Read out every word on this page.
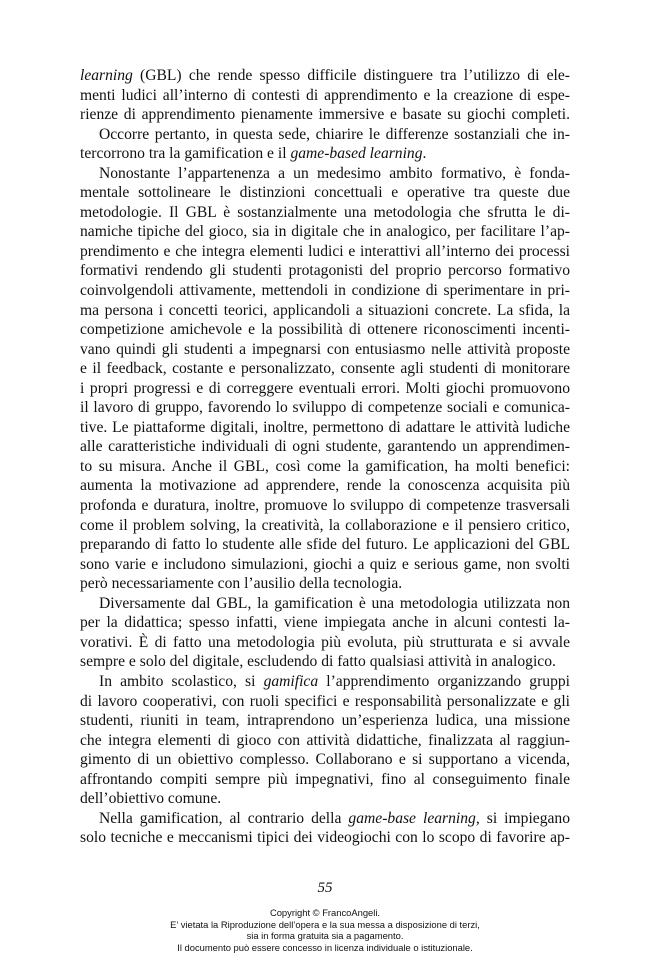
learning (GBL) che rende spesso difficile distinguere tra l’utilizzo di ele-
menti ludici all’interno di contesti di apprendimento e la creazione di espe-
rienze di apprendimento pienamente immersive e basate su giochi completi.
Occorre pertanto, in questa sede, chiarire le differenze sostanziali che in-
tercorrono tra la gamification e il game-based learning.
Nonostante l’appartenenza a un medesimo ambito formativo, è fonda-
mentale sottolineare le distinzioni concettuali e operative tra queste due
metodologie. Il GBL è sostanzialmente una metodologia che sfrutta le di-
namiche tipiche del gioco, sia in digitale che in analogico, per facilitare l’ap-
prendimento e che integra elementi ludici e interattivi all’interno dei processi
formativi rendendo gli studenti protagonisti del proprio percorso formativo
coinvolgendoli attivamente, mettendoli in condizione di sperimentare in pri-
ma persona i concetti teorici, applicandoli a situazioni concrete. La sfida, la
competizione amichevole e la possibilità di ottenere riconoscimenti incenti-
vano quindi gli studenti a impegnarsi con entusiasmo nelle attività proposte
e il feedback, costante e personalizzato, consente agli studenti di monitorare
i propri progressi e di correggere eventuali errori. Molti giochi promuovono
il lavoro di gruppo, favorendo lo sviluppo di competenze sociali e comunica-
tive. Le piattaforme digitali, inoltre, permettono di adattare le attività ludiche
alle caratteristiche individuali di ogni studente, garantendo un apprendimen-
to su misura. Anche il GBL, così come la gamification, ha molti benefici:
aumenta la motivazione ad apprendere, rende la conoscenza acquisita più
profonda e duratura, inoltre, promuove lo sviluppo di competenze trasversali
come il problem solving, la creatività, la collaborazione e il pensiero critico,
preparando di fatto lo studente alle sfide del futuro. Le applicazioni del GBL
sono varie e includono simulazioni, giochi a quiz e serious game, non svolti
però necessariamente con l’ausilio della tecnologia.
Diversamente dal GBL, la gamification è una metodologia utilizzata non
per la didattica; spesso infatti, viene impiegata anche in alcuni contesti la-
vorativi. È di fatto una metodologia più evoluta, più strutturata e si avvale
sempre e solo del digitale, escludendo di fatto qualsiasi attività in analogico.
In ambito scolastico, si gamifica l’apprendimento organizzando gruppi
di lavoro cooperativi, con ruoli specifici e responsabilità personalizzate e gli
studenti, riuniti in team, intraprendono un’esperienza ludica, una missione
che integra elementi di gioco con attività didattiche, finalizzata al raggiun-
gimento di un obiettivo complesso. Collaborano e si supportano a vicenda,
affrontando compiti sempre più impegnativi, fino al conseguimento finale
dell’obiettivo comune.
Nella gamification, al contrario della game-base learning, si impiegano
solo tecniche e meccanismi tipici dei videogiochi con lo scopo di favorire ap-
55
Copyright © FrancoAngeli.
E’ vietata la Riproduzione dell’opera e la sua messa a disposizione di terzi,
sia in forma gratuita sia a pagamento.
Il documento può essere concesso in licenza individuale o istituzionale.
